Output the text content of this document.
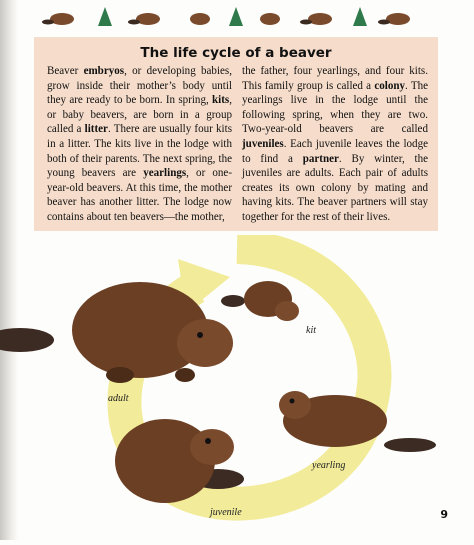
The life cycle of a beaver
Beaver embryos, or developing babies, grow inside their mother’s body until they are ready to be born. In spring, kits, or baby beavers, are born in a group called a litter. There are usually four kits in a litter. The kits live in the lodge with both of their parents. The next spring, the young beavers are yearlings, or one-year-old beavers. At this time, the mother beaver has another litter. The lodge now contains about ten beavers—the mother,
the father, four yearlings, and four kits. This family group is called a colony. The yearlings live in the lodge until the following spring, when they are two. Two-year-old beavers are called juveniles. Each juvenile leaves the lodge to find a partner. By winter, the juveniles are adults. Each pair of adults creates its own colony by mating and having kits. The beaver partners will stay together for the rest of their lives.
kit
adult
yearling
juvenile	9
